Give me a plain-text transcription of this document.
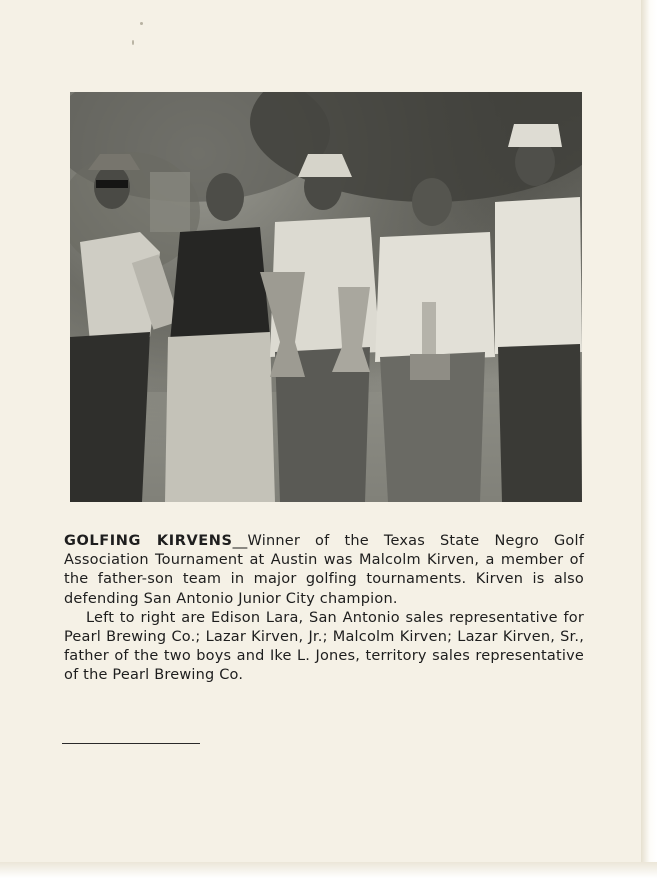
GOLFING KIRVENS__Winner of the Texas State Negro Golf Association Tournament at Austin was Malcolm Kirven, a member of the father-son team in major golfing tournaments. Kirven is also defending San Antonio Junior City champion.

Left to right are Edison Lara, San Antonio sales representative for Pearl Brewing Co.; Lazar Kirven, Jr.; Malcolm Kirven; Lazar Kirven, Sr., father of the two boys and Ike L. Jones, territory sales representative of the Pearl Brewing Co.
